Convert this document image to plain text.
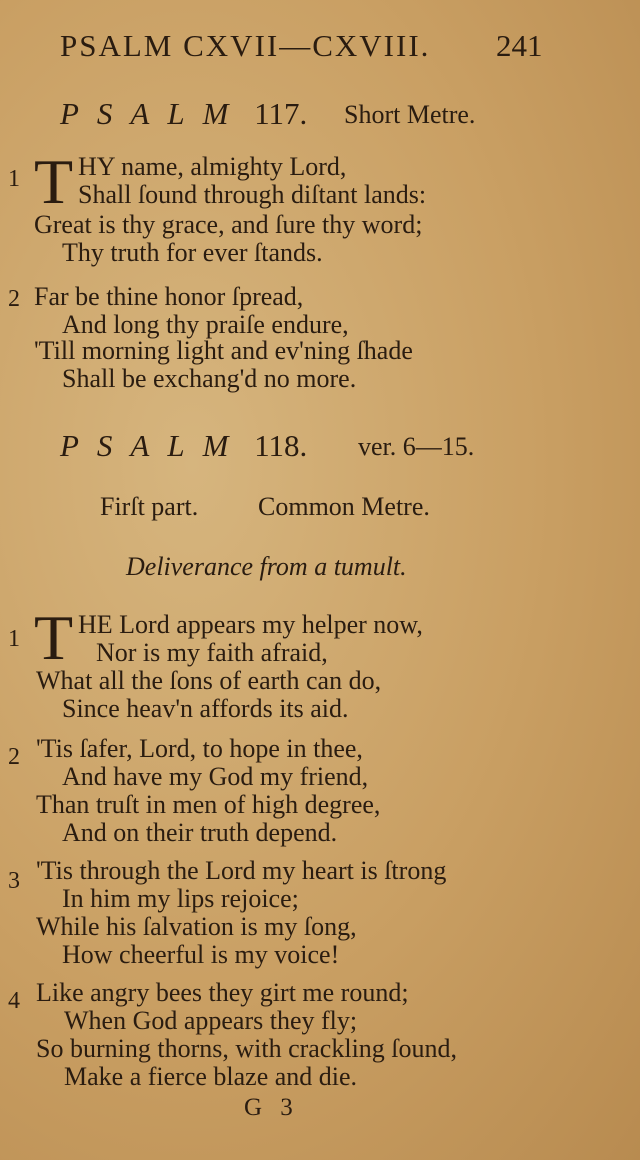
PSALM CXVII—CXVIII. 241
PSALM 117. Short Metre.
1 T HY name, almighty Lord,
Shall ſound through diſtant lands:
Great is thy grace, and ſure thy word;
Thy truth for ever ſtands.
2 Far be thine honor ſpread,
And long thy praiſe endure,
'Till morning light and ev'ning ſhade
Shall be exchang'd no more.
PSALM 118. ver. 6—15.
Firſt part. Common Metre.
Deliverance from a tumult.
1 T HE Lord appears my helper now,
Nor is my faith afraid,
What all the ſons of earth can do,
Since heav'n affords its aid.
2 'Tis ſafer, Lord, to hope in thee,
And have my God my friend,
Than truſt in men of high degree,
And on their truth depend.
3 'Tis through the Lord my heart is ſtrong
In him my lips rejoice;
While his ſalvation is my ſong,
How cheerful is my voice!
4 Like angry bees they girt me round;
When God appears they fly;
So burning thorns, with crackling ſound,
Make a fierce blaze and die.
G 3
